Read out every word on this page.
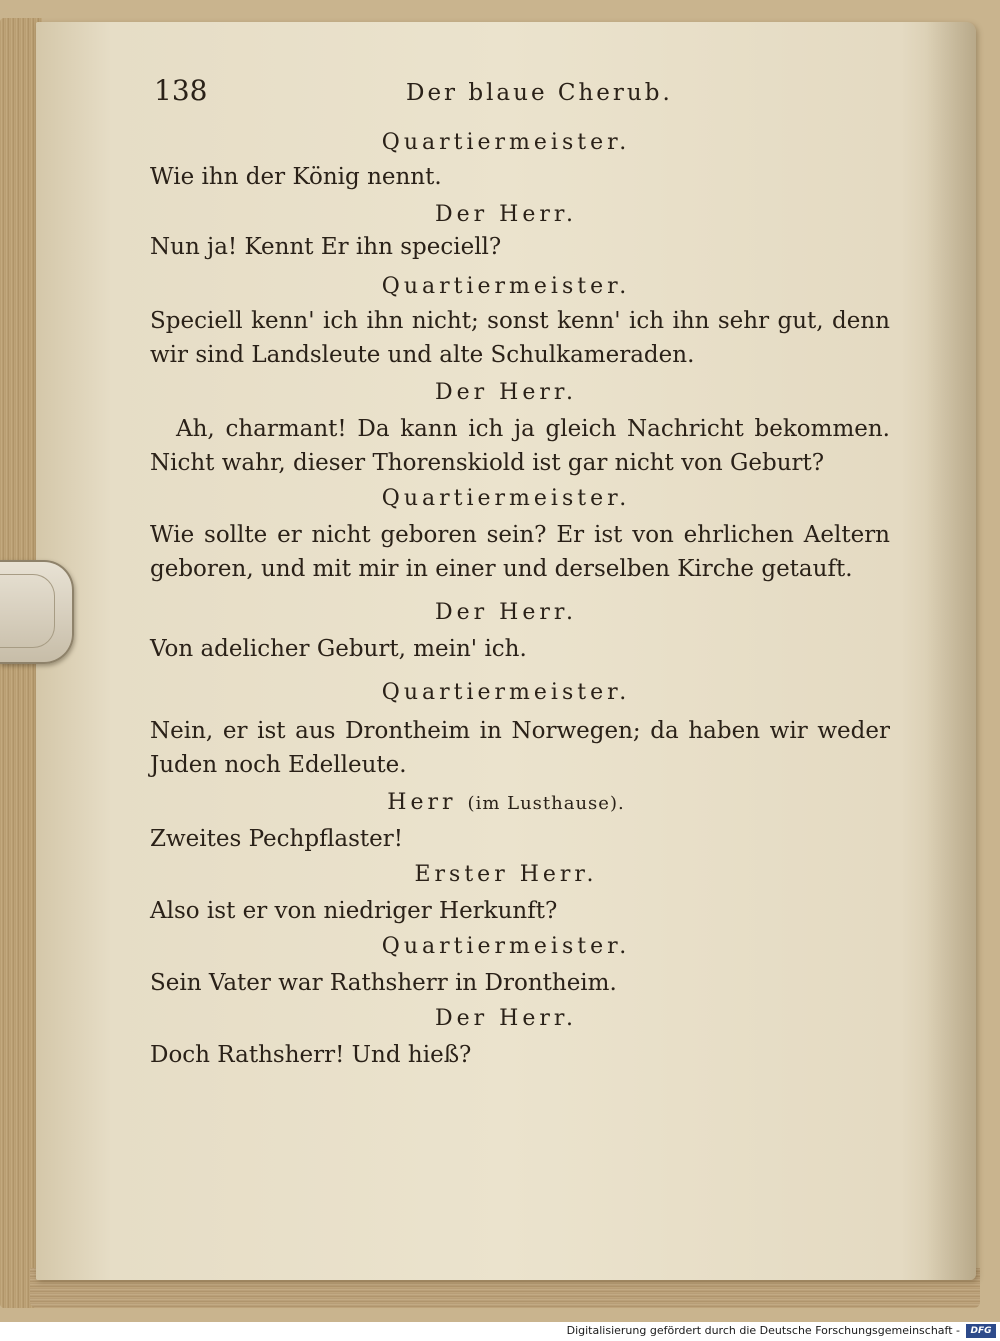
138	Der blaue Cherub.
Quartiermeister.
Wie ihn der König nennt.
Der Herr.
Nun ja! Kennt Er ihn speciell?
Quartiermeister.
Speciell kenn' ich ihn nicht; sonst kenn' ich ihn sehr gut, denn wir sind Landsleute und alte Schulkameraden.
Der Herr.
Ah, charmant! Da kann ich ja gleich Nachricht bekommen. Nicht wahr, dieser Thorenskiold ist gar nicht von Geburt?
Quartiermeister.
Wie sollte er nicht geboren sein? Er ist von ehrlichen Aeltern geboren, und mit mir in einer und derselben Kirche getauft.
Der Herr.
Von adelicher Geburt, mein' ich.
Quartiermeister.
Nein, er ist aus Drontheim in Norwegen; da haben wir weder Juden noch Edelleute.
Herr (im Lusthause).
Zweites Pechpflaster!
Erster Herr.
Also ist er von niedriger Herkunft?
Quartiermeister.
Sein Vater war Rathsherr in Drontheim.
Der Herr.
Doch Rathsherr! Und hieß?
Digitalisierung gefördert durch die Deutsche Forschungsgemeinschaft -	DFG
